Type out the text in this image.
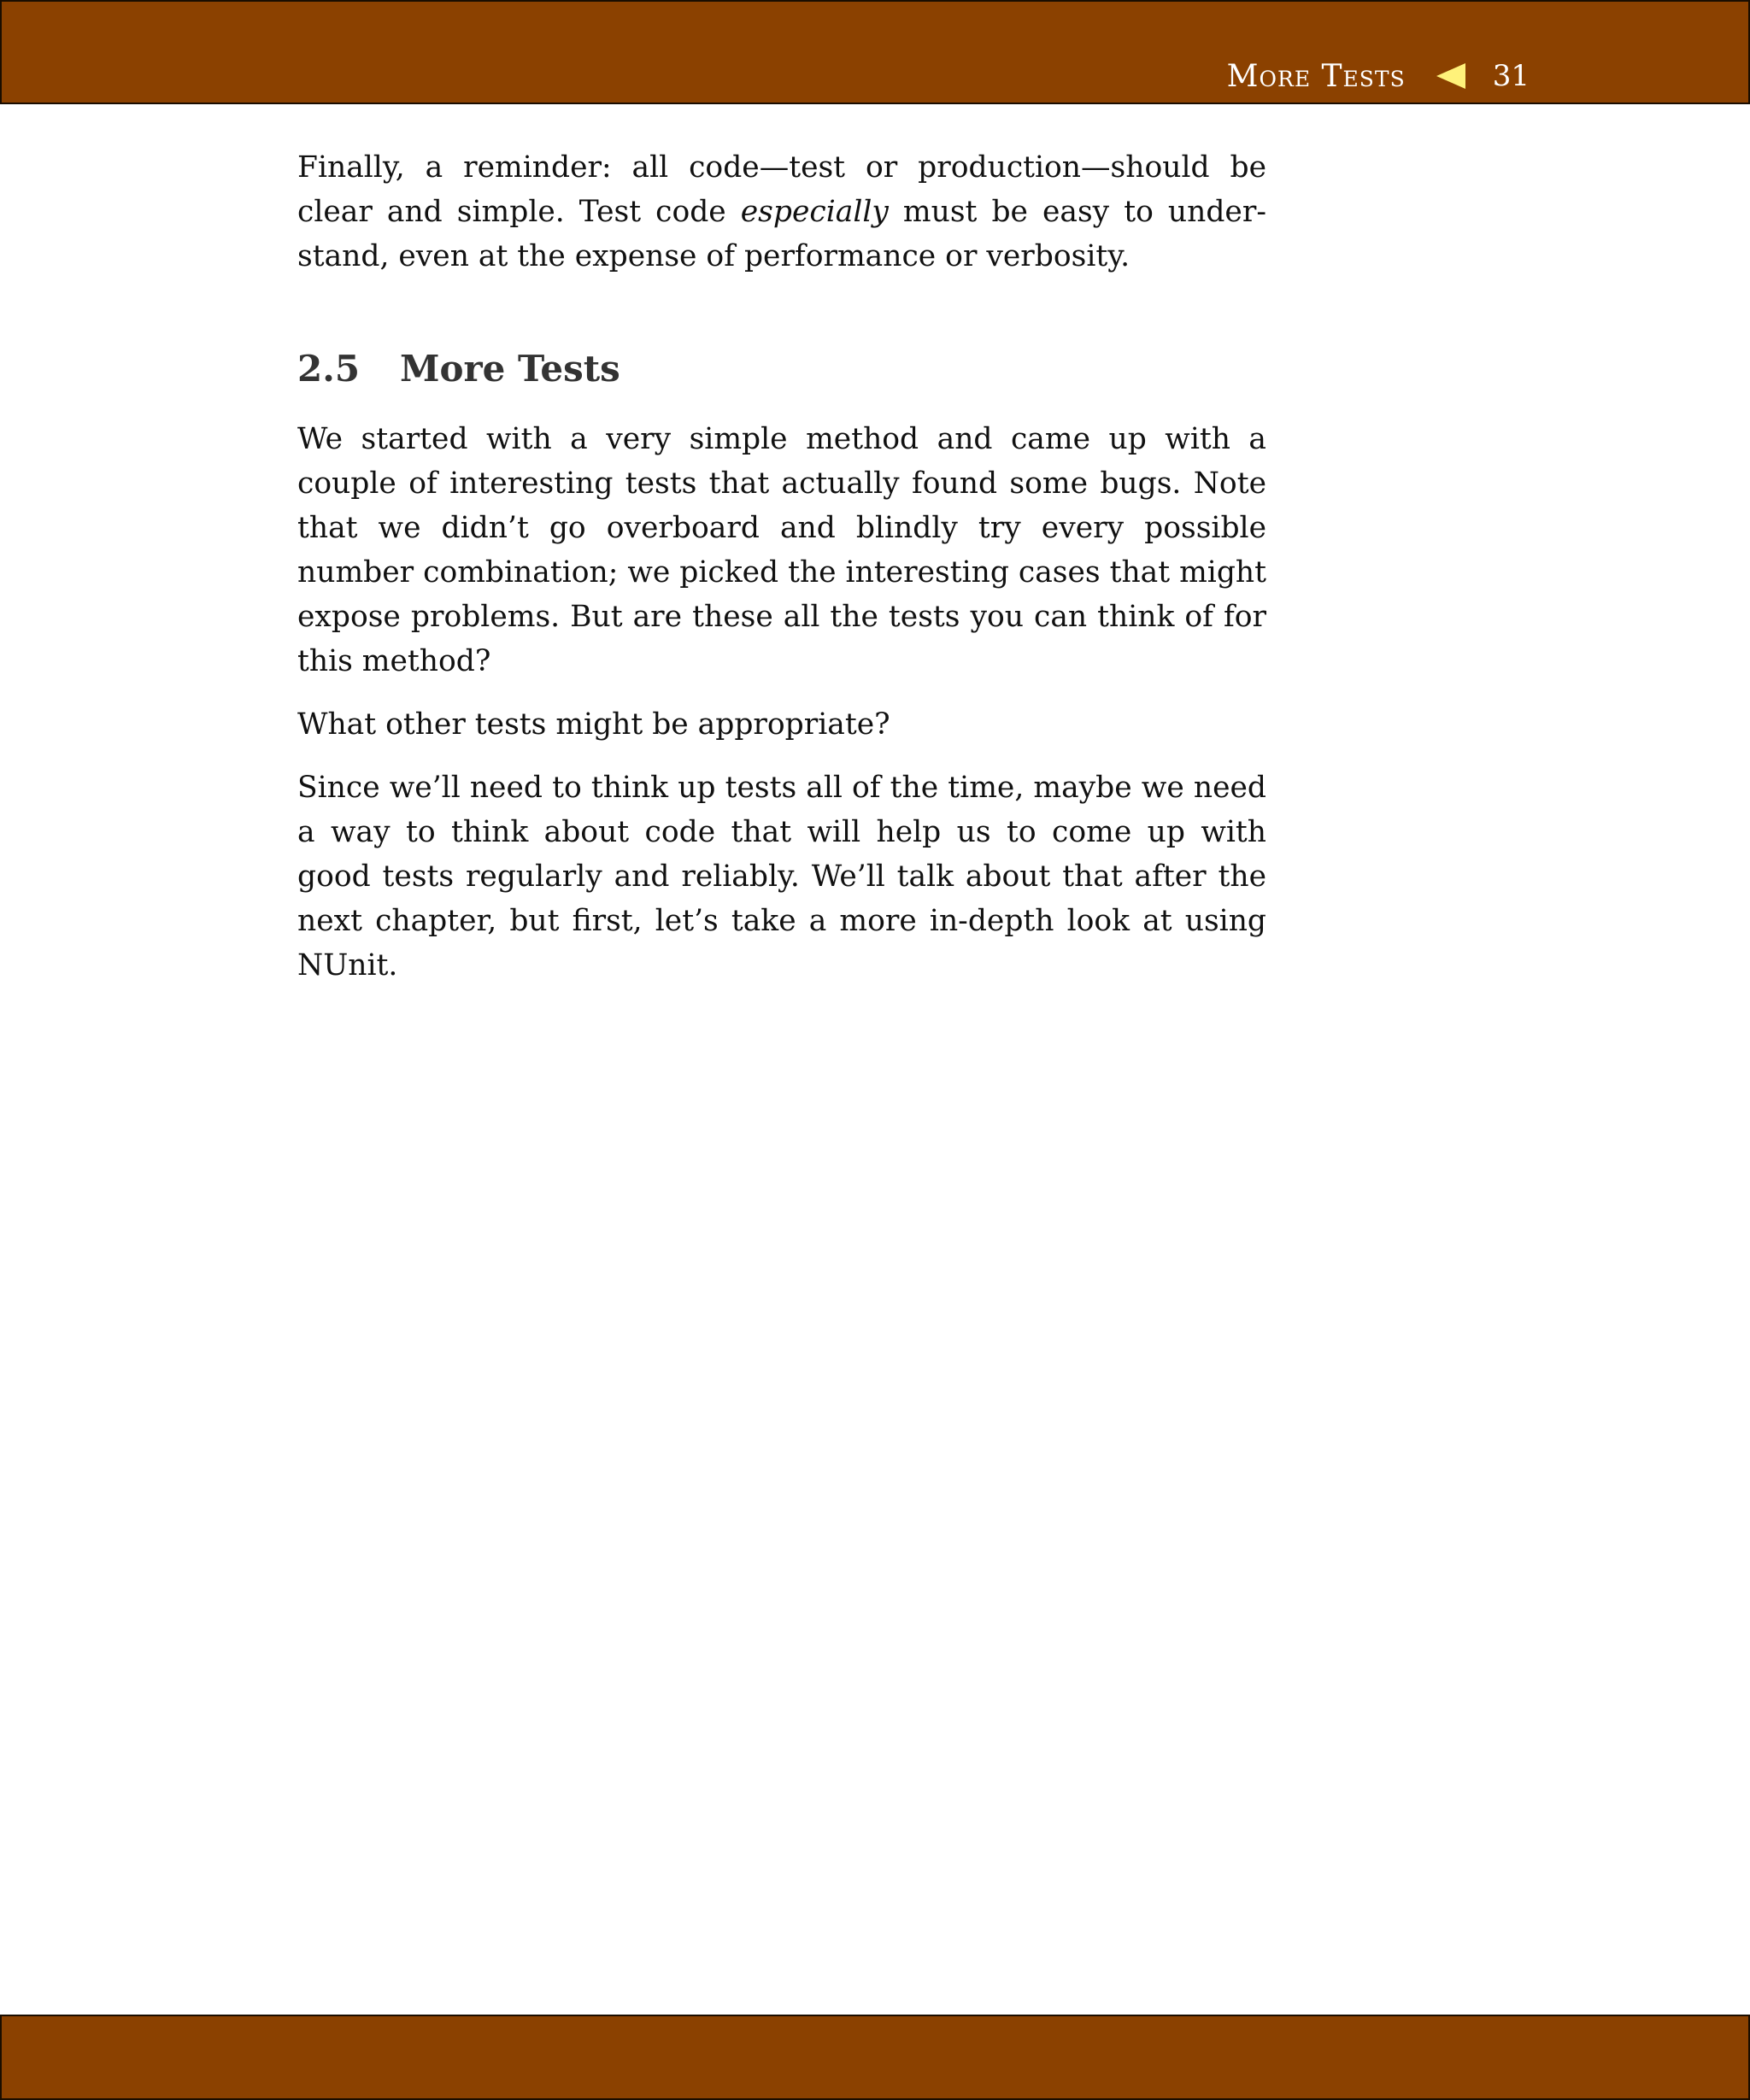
More Tests	31

Finally, a reminder: all code—test or production—should be clear and simple. Test code especially must be easy to understand, even at the expense of performance or verbosity.

2.5	More Tests

We started with a very simple method and came up with a couple of interesting tests that actually found some bugs. Note that we didn’t go overboard and blindly try every possible number combination; we picked the interesting cases that might expose problems. But are these all the tests you can think of for this method?

What other tests might be appropriate?

Since we’ll need to think up tests all of the time, maybe we need a way to think about code that will help us to come up with good tests regularly and reliably. We’ll talk about that after the next chapter, but first, let’s take a more in-depth look at using NUnit.
